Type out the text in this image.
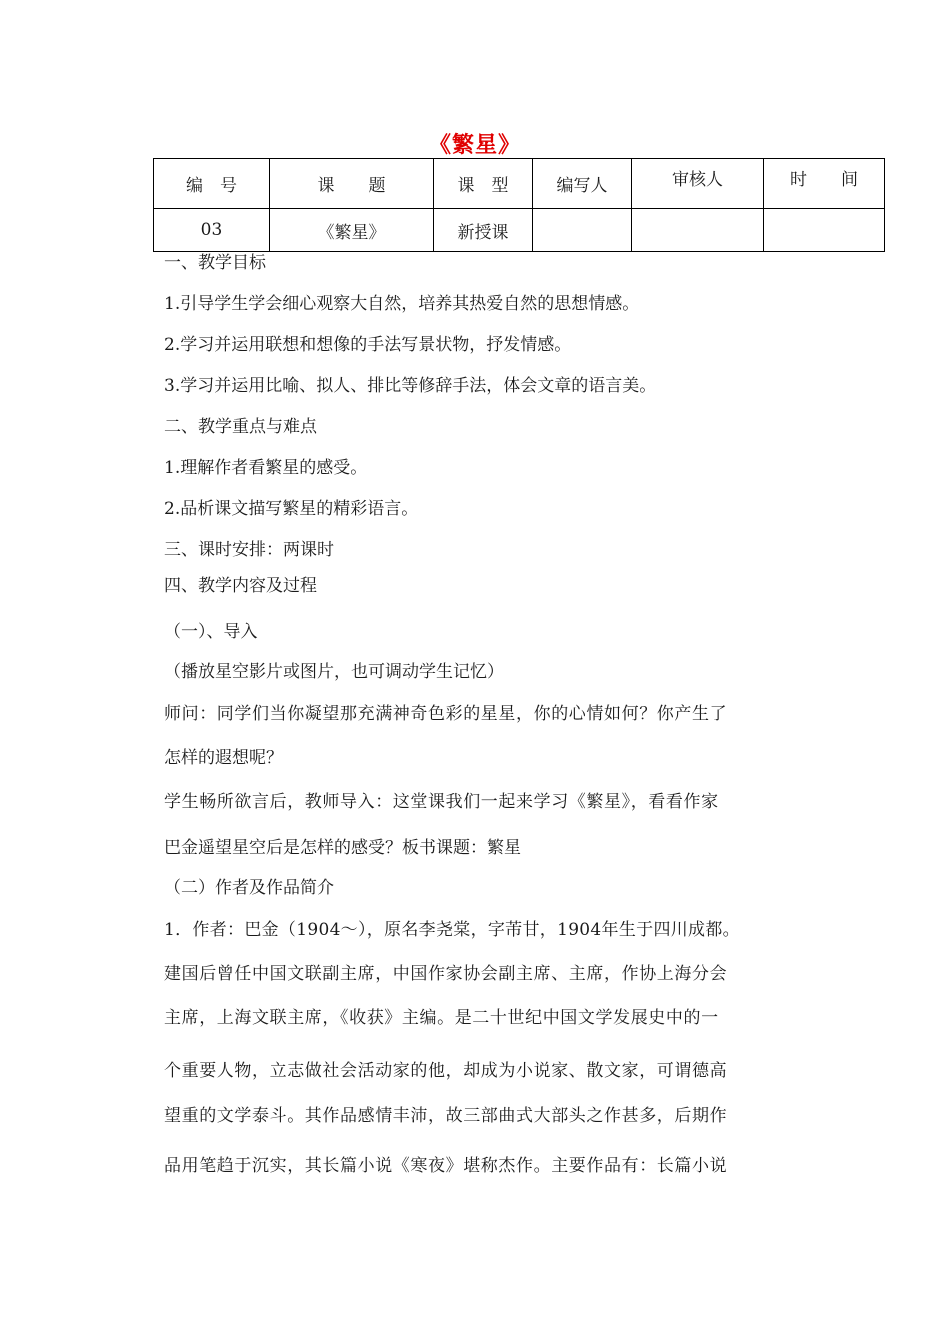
《繁星》
编　号	课　　题	课　型	编写人	审核人	时　　间
03	《繁星》	新授课			
一、教学目标
1.引导学生学会细心观察大自然，培养其热爱自然的思想情感。
2.学习并运用联想和想像的手法写景状物，抒发情感。
3.学习并运用比喻、拟人、排比等修辞手法，体会文章的语言美。
二、教学重点与难点
1.理解作者看繁星的感受。
2.品析课文描写繁星的精彩语言。
三、课时安排：两课时
四、教学内容及过程
（一）、导入
（播放星空影片或图片，也可调动学生记忆）
师问：同学们当你凝望那充满神奇色彩的星星，你的心情如何？你产生了
怎样的遐想呢？
学生畅所欲言后，教师导入：这堂课我们一起来学习《繁星》，看看作家
巴金遥望星空后是怎样的感受？板书课题：繁星
（二）作者及作品简介
1．作者：巴金（1904～），原名李尧棠，字芾甘，1904年生于四川成都。
建国后曾任中国文联副主席，中国作家协会副主席、主席，作协上海分会
主席，上海文联主席，《收获》主编。是二十世纪中国文学发展史中的一
个重要人物，立志做社会活动家的他，却成为小说家、散文家，可谓德高
望重的文学泰斗。其作品感情丰沛，故三部曲式大部头之作甚多，后期作
品用笔趋于沉实，其长篇小说《寒夜》堪称杰作。主要作品有：长篇小说
